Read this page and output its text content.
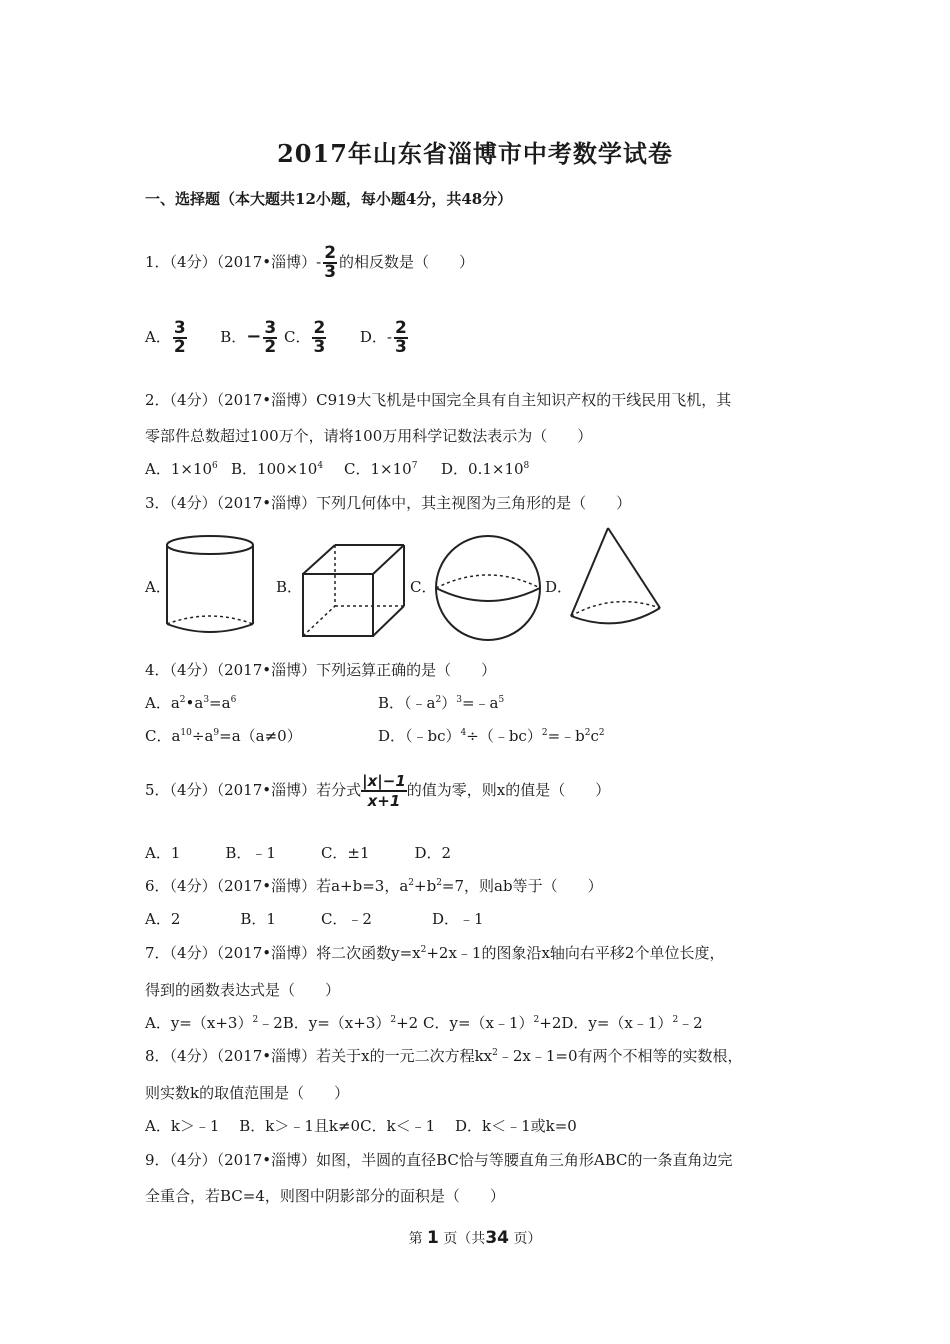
2017年山东省淄博市中考数学试卷
一、选择题（本大题共12小题，每小题4分，共48分）
1．（4分）（2017•淄博）- $\frac{2}{3}$ 的相反数是（　　）
A． $\frac{3}{2}$ B．− $\frac{3}{2}$ C． $\frac{2}{3}$ D．- $\frac{2}{3}$
2．（4分）（2017•淄博）C919大飞机是中国完全具有自主知识产权的干线民用飞机，其
零部件总数超过100万个，请将100万用科学记数法表示为（　　）
A．$1\times 10^6$ B．$100\times 10^4$ C．$1\times 10^7$ D．$0.1\times 10^8$
3．（4分）（2017•淄博）下列几何体中，其主视图为三角形的是（　　）
A．	B．	C．	D．
4．（4分）（2017•淄博）下列运算正确的是（　　）
A．$a^2•a^3=a^6$	B．$(﹣a^2)^3=﹣a^5$
C．$a^{10}\div a^9=a(a\ne 0)$	D．$(﹣bc)^4\div(﹣bc)^2=﹣b^2c^2$
5．（4分）（2017•淄博）若分式 $\frac{|x|-1}{x+1}$ 的值为零，则x的值是（　　）
A．1　　　B．﹣1　　　C．±1　　　D．2
6．（4分）（2017•淄博）若a+b=3，$a^2+b^2=7$，则ab等于（　　）
A．2　　　　B．1　　　C．﹣2　　　　D．﹣1
7．（4分）（2017•淄博）将二次函数$y=x^2+2x﹣1$的图象沿x轴向右平移2个单位长度，
得到的函数表达式是（　　）
A．$y=(x+3)^2﹣2B$．$y=(x+3)^2+2$ C．y=（x﹣1）$^2$+2D．y=（x﹣1）$^2$﹣2
8．（4分）（2017•淄博）若关于x的一元二次方程$kx^2﹣2x﹣1=0$有两个不相等的实数根，
则实数k的取值范围是（　　）
A．k＞﹣1　 B．k＞﹣1且k≠0C．k＜﹣1　 D．k＜﹣1或k=0
9．（4分）（2017•淄博）如图，半圆的直径BC恰与等腰直角三角形ABC的一条直角边完
全重合，若BC=4，则图中阴影部分的面积是（　　）
第 1 页（共34 页）
